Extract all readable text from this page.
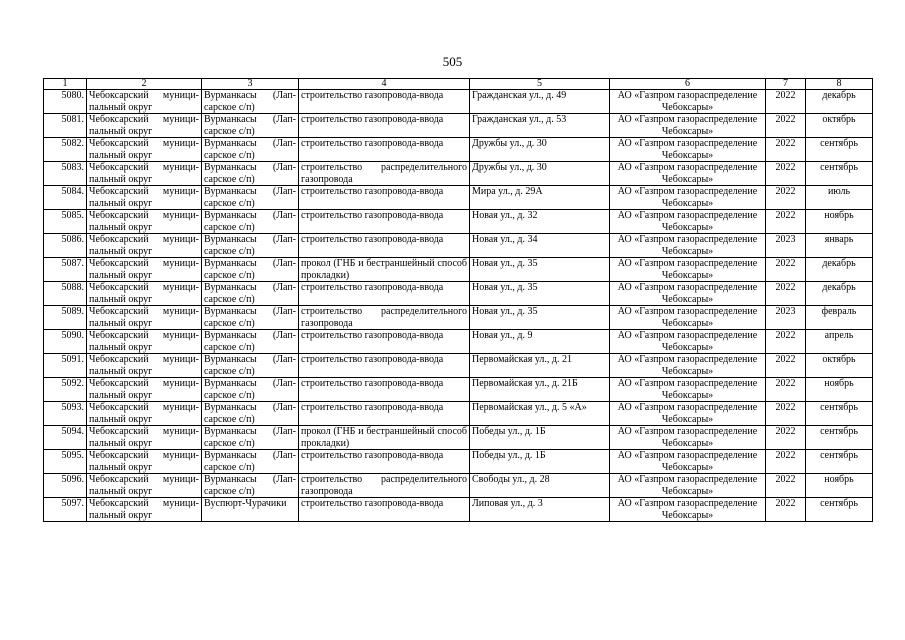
505
1	2	3	4	5	6	7	8
5080.	Чебоксарский муници-пальный округ	Вурманкасы (Лап-сарское с/п)	строительство газопровода-ввода	Гражданская ул., д. 49	АО «Газпром газораспределение Чебоксары»	2022	декабрь
5081.	Чебоксарский муници-пальный округ	Вурманкасы (Лап-сарское с/п)	строительство газопровода-ввода	Гражданская ул., д. 53	АО «Газпром газораспределение Чебоксары»	2022	октябрь
5082.	Чебоксарский муници-пальный округ	Вурманкасы (Лап-сарское с/п)	строительство газопровода-ввода	Дружбы ул., д. 30	АО «Газпром газораспределение Чебоксары»	2022	сентябрь
5083.	Чебоксарский муници-пальный округ	Вурманкасы (Лап-сарское с/п)	строительство распределительного газопровода	Дружбы ул., д. 30	АО «Газпром газораспределение Чебоксары»	2022	сентябрь
5084.	Чебоксарский муници-пальный округ	Вурманкасы (Лап-сарское с/п)	строительство газопровода-ввода	Мира ул., д. 29А	АО «Газпром газораспределение Чебоксары»	2022	июль
5085.	Чебоксарский муници-пальный округ	Вурманкасы (Лап-сарское с/п)	строительство газопровода-ввода	Новая ул., д. 32	АО «Газпром газораспределение Чебоксары»	2022	ноябрь
5086.	Чебоксарский муници-пальный округ	Вурманкасы (Лап-сарское с/п)	строительство газопровода-ввода	Новая ул., д. 34	АО «Газпром газораспределение Чебоксары»	2023	январь
5087.	Чебоксарский муници-пальный округ	Вурманкасы (Лап-сарское с/п)	прокол (ГНБ и бестраншейный способ прокладки)	Новая ул., д. 35	АО «Газпром газораспределение Чебоксары»	2022	декабрь
5088.	Чебоксарский муници-пальный округ	Вурманкасы (Лап-сарское с/п)	строительство газопровода-ввода	Новая ул., д. 35	АО «Газпром газораспределение Чебоксары»	2022	декабрь
5089.	Чебоксарский муници-пальный округ	Вурманкасы (Лап-сарское с/п)	строительство распределительного газопровода	Новая ул., д. 35	АО «Газпром газораспределение Чебоксары»	2023	февраль
5090.	Чебоксарский муници-пальный округ	Вурманкасы (Лап-сарское с/п)	строительство газопровода-ввода	Новая ул., д. 9	АО «Газпром газораспределение Чебоксары»	2022	апрель
5091.	Чебоксарский муници-пальный округ	Вурманкасы (Лап-сарское с/п)	строительство газопровода-ввода	Первомайская ул., д. 21	АО «Газпром газораспределение Чебоксары»	2022	октябрь
5092.	Чебоксарский муници-пальный округ	Вурманкасы (Лап-сарское с/п)	строительство газопровода-ввода	Первомайская ул., д. 21Б	АО «Газпром газораспределение Чебоксары»	2022	ноябрь
5093.	Чебоксарский муници-пальный округ	Вурманкасы (Лап-сарское с/п)	строительство газопровода-ввода	Первомайская ул., д. 5 «А»	АО «Газпром газораспределение Чебоксары»	2022	сентябрь
5094.	Чебоксарский муници-пальный округ	Вурманкасы (Лап-сарское с/п)	прокол (ГНБ и бестраншейный способ прокладки)	Победы ул., д. 1Б	АО «Газпром газораспределение Чебоксары»	2022	сентябрь
5095.	Чебоксарский муници-пальный округ	Вурманкасы (Лап-сарское с/п)	строительство газопровода-ввода	Победы ул., д. 1Б	АО «Газпром газораспределение Чебоксары»	2022	сентябрь
5096.	Чебоксарский муници-пальный округ	Вурманкасы (Лап-сарское с/п)	строительство распределительного газопровода	Свободы ул., д. 28	АО «Газпром газораспределение Чебоксары»	2022	ноябрь
5097.	Чебоксарский муници-пальный округ	Вуспюрт-Чурачики	строительство газопровода-ввода	Липовая ул., д. 3	АО «Газпром газораспределение Чебоксары»	2022	сентябрь
